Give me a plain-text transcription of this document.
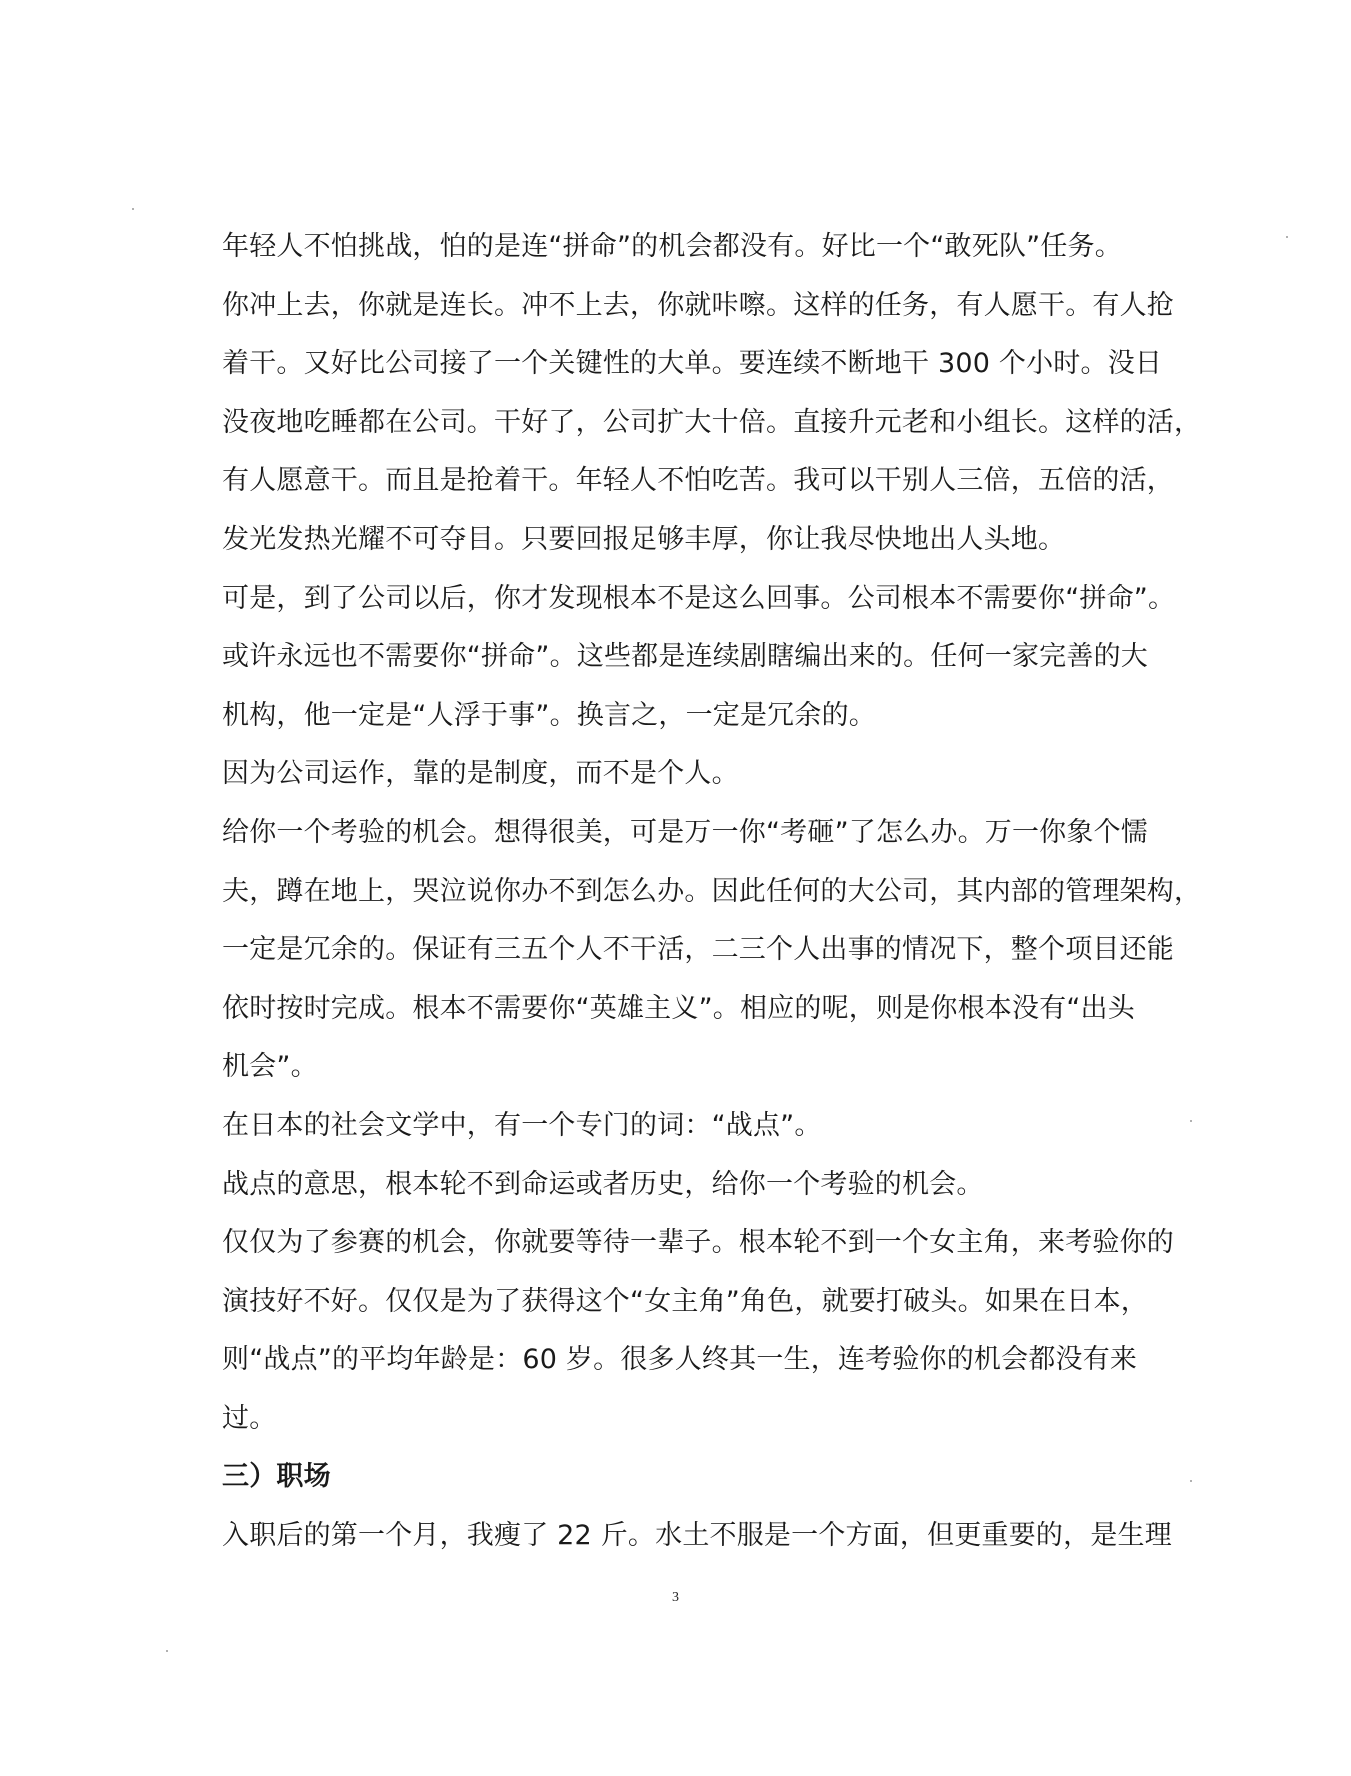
年轻人不怕挑战，怕的是连“拼命”的机会都没有。好比一个“敢死队”任务。
你冲上去，你就是连长。冲不上去，你就咔嚓。这样的任务，有人愿干。有人抢
着干。又好比公司接了一个关键性的大单。要连续不断地干 300 个小时。没日
没夜地吃睡都在公司。干好了，公司扩大十倍。直接升元老和小组长。这样的活，
有人愿意干。而且是抢着干。年轻人不怕吃苦。我可以干别人三倍，五倍的活，
发光发热光耀不可夺目。只要回报足够丰厚，你让我尽快地出人头地。
可是，到了公司以后，你才发现根本不是这么回事。公司根本不需要你“拼命”。
或许永远也不需要你“拼命”。这些都是连续剧瞎编出来的。任何一家完善的大
机构，他一定是“人浮于事”。换言之，一定是冗余的。
因为公司运作，靠的是制度，而不是个人。
给你一个考验的机会。想得很美，可是万一你“考砸”了怎么办。万一你象个懦
夫，蹲在地上，哭泣说你办不到怎么办。因此任何的大公司，其内部的管理架构，
一定是冗余的。保证有三五个人不干活，二三个人出事的情况下，整个项目还能
依时按时完成。根本不需要你“英雄主义”。相应的呢，则是你根本没有“出头
机会”。
在日本的社会文学中，有一个专门的词：“战点”。
战点的意思，根本轮不到命运或者历史，给你一个考验的机会。
仅仅为了参赛的机会，你就要等待一辈子。根本轮不到一个女主角，来考验你的
演技好不好。仅仅是为了获得这个“女主角”角色，就要打破头。如果在日本，
则“战点”的平均年龄是：60 岁。很多人终其一生，连考验你的机会都没有来
过。
三）职场
入职后的第一个月，我瘦了 22 斤。水土不服是一个方面，但更重要的，是生理
3
